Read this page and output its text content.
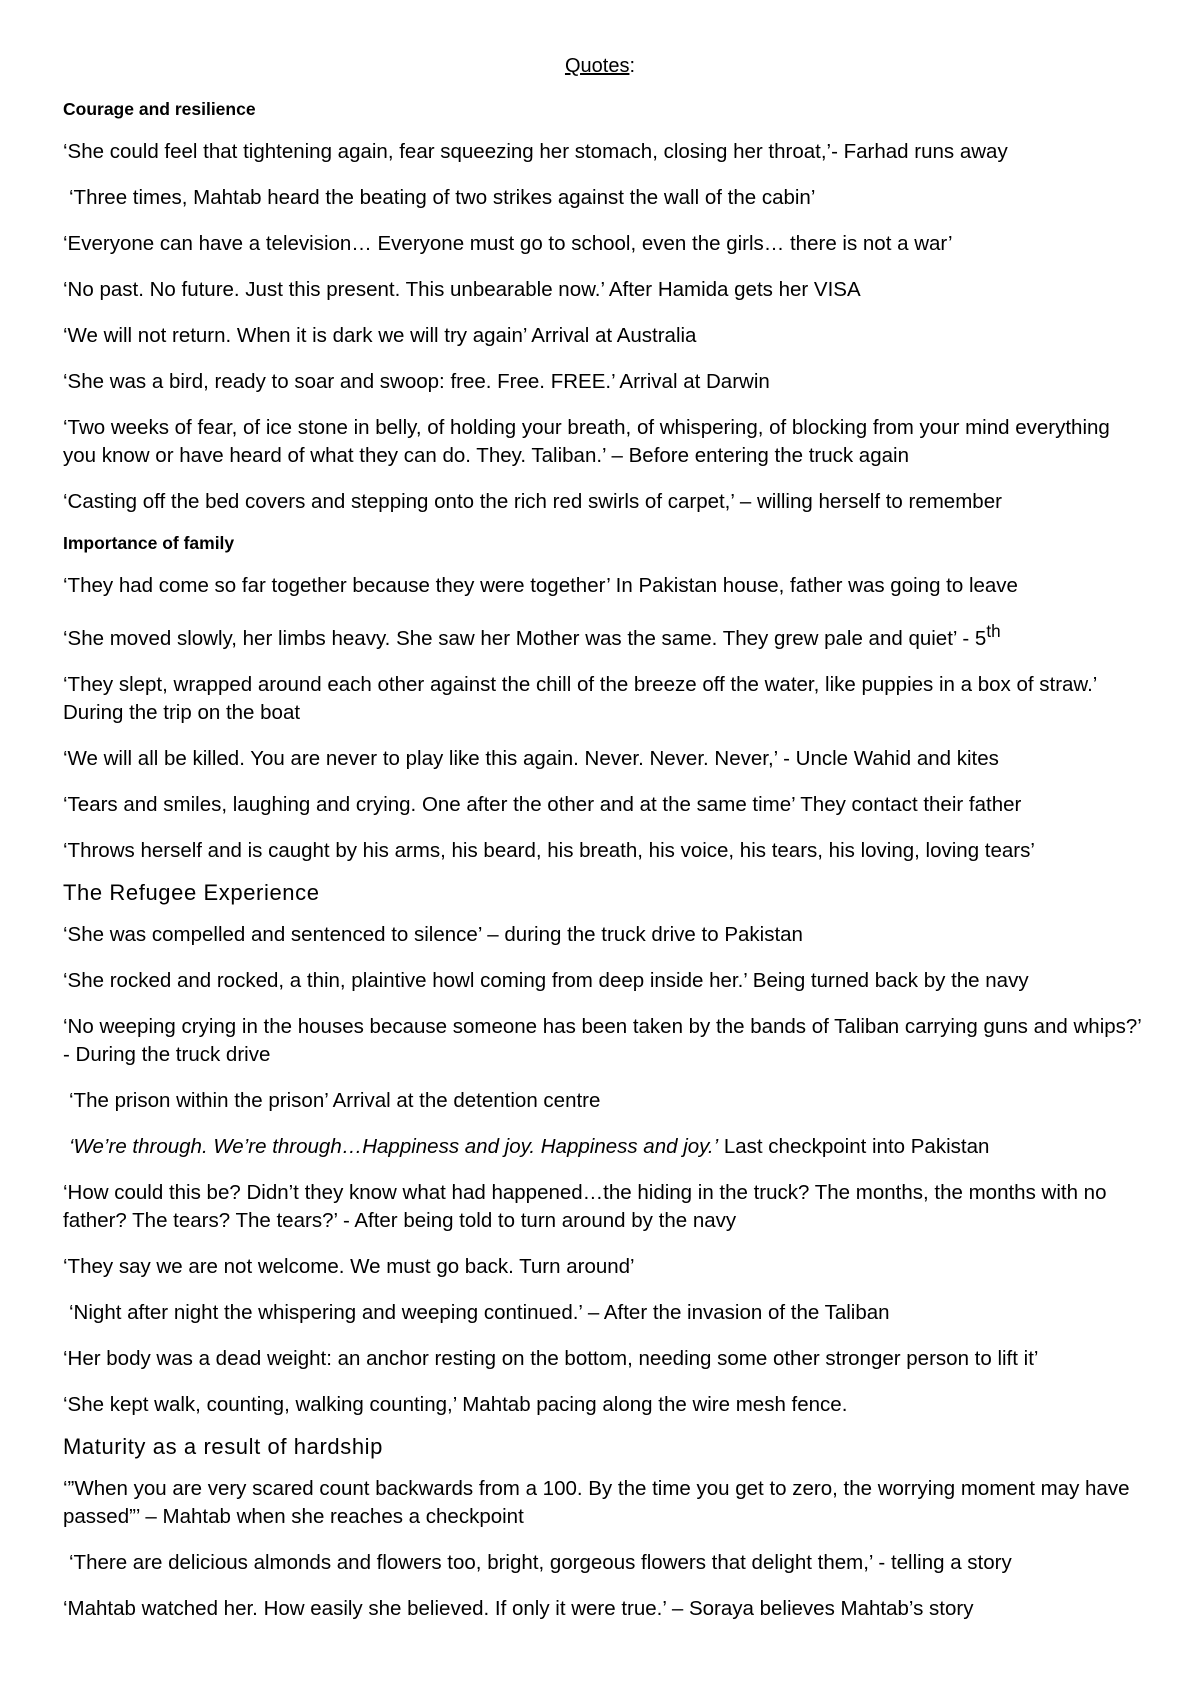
Quotes:

Courage and resilience

‘She could feel that tightening again, fear squeezing her stomach, closing her throat,’- Farhad runs away

‘Three times, Mahtab heard the beating of two strikes against the wall of the cabin’

‘Everyone can have a television… Everyone must go to school, even the girls… there is not a war’

‘No past. No future. Just this present. This unbearable now.’ After Hamida gets her VISA

‘We will not return. When it is dark we will try again’ Arrival at Australia

‘She was a bird, ready to soar and swoop: free. Free. FREE.’ Arrival at Darwin

‘Two weeks of fear, of ice stone in belly, of holding your breath, of whispering, of blocking from your mind everything you know or have heard of what they can do. They. Taliban.’ – Before entering the truck again

‘Casting off the bed covers and stepping onto the rich red swirls of carpet,’ – willing herself to remember

Importance of family

‘They had come so far together because they were together’ In Pakistan house, father was going to leave

‘She moved slowly, her limbs heavy. She saw her Mother was the same. They grew pale and quiet’ - 5th

‘They slept, wrapped around each other against the chill of the breeze off the water, like puppies in a box of straw.’ During the trip on the boat

‘We will all be killed. You are never to play like this again. Never. Never. Never,’ - Uncle Wahid and kites

‘Tears and smiles, laughing and crying. One after the other and at the same time’ They contact their father

‘Throws herself and is caught by his arms, his beard, his breath, his voice, his tears, his loving, loving tears’

The Refugee Experience

‘She was compelled and sentenced to silence’ – during the truck drive to Pakistan

‘She rocked and rocked, a thin, plaintive howl coming from deep inside her.’ Being turned back by the navy

‘No weeping crying in the houses because someone has been taken by the bands of Taliban carrying guns and whips?’ - During the truck drive

‘The prison within the prison’ Arrival at the detention centre

‘We’re through. We’re through…Happiness and joy. Happiness and joy.’ Last checkpoint into Pakistan

‘How could this be? Didn’t they know what had happened…the hiding in the truck? The months, the months with no father? The tears? The tears?’ - After being told to turn around by the navy

‘They say we are not welcome. We must go back. Turn around’

‘Night after night the whispering and weeping continued.’ – After the invasion of the Taliban

‘Her body was a dead weight: an anchor resting on the bottom, needing some other stronger person to lift it’

‘She kept walk, counting, walking counting,’ Mahtab pacing along the wire mesh fence.

Maturity as a result of hardship

‘”When you are very scared count backwards from a 100. By the time you get to zero, the worrying moment may have passed”’ – Mahtab when she reaches a checkpoint

‘There are delicious almonds and flowers too, bright, gorgeous flowers that delight them,’ - telling a story

‘Mahtab watched her. How easily she believed. If only it were true.’ – Soraya believes Mahtab’s story
